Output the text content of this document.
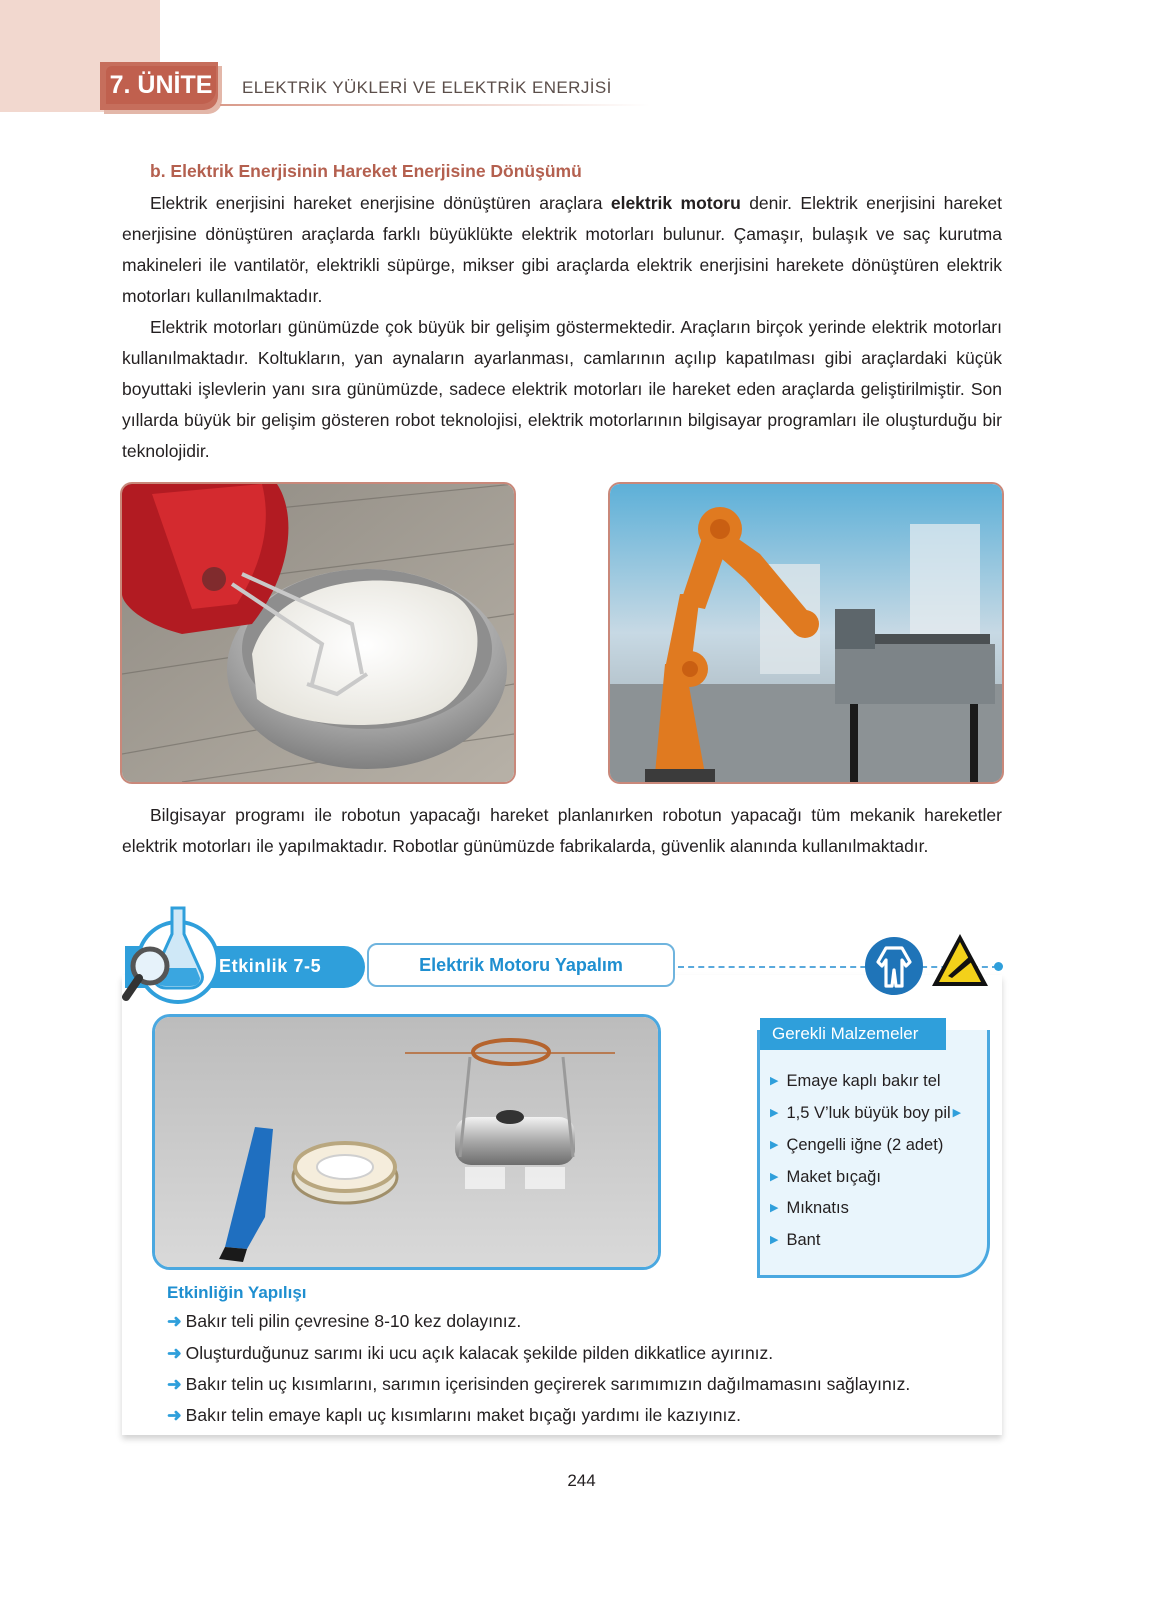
7. ÜNİTE ELEKTRİK YÜKLERİ VE ELEKTRİK ENERJİSİ
b. Elektrik Enerjisinin Hareket Enerjisine Dönüşümü

Elektrik enerjisini hareket enerjisine dönüştüren araçlara elektrik motoru denir. Elektrik enerjisini hareket enerjisine dönüştüren araçlarda farklı büyüklükte elektrik motorları bulunur. Çamaşır, bulaşık ve saç kurutma makineleri ile vantilatör, elektrikli süpürge, mikser gibi araçlarda elektrik enerjisini harekete dönüştüren elektrik motorları kullanılmaktadır.

Elektrik motorları günümüzde çok büyük bir gelişim göstermektedir. Araçların birçok yerinde elektrik motorları kullanılmaktadır. Koltukların, yan aynaların ayarlanması, camlarının açılıp kapatılması gibi araçlardaki küçük boyuttaki işlevlerin yanı sıra günümüzde, sadece elektrik motorları ile hareket eden araçlarda geliştirilmiştir. Son yıllarda büyük bir gelişim gösteren robot teknolojisi, elektrik motorlarının bilgisayar programları ile oluşturduğu bir teknolojidir.

Bilgisayar programı ile robotun yapacağı hareket planlanırken robotun yapacağı tüm mekanik hareketler elektrik motorları ile yapılmaktadır. Robotlar günümüzde fabrikalarda, güvenlik alanında kullanılmaktadır.

Etkinlik 7-5	Elektrik Motoru Yapalım
Gerekli Malzemeler
▶ Emaye kaplı bakır tel
▶ 1,5 V’luk büyük boy pil ▶
▶ Çengelli iğne (2 adet)
▶ Maket bıçağı
▶ Mıknatıs
▶ Bant
Etkinliğin Yapılışı
➜ Bakır teli pilin çevresine 8-10 kez dolayınız.
➜ Oluşturduğunuz sarımı iki ucu açık kalacak şekilde pilden dikkatlice ayırınız.
➜ Bakır telin uç kısımlarını, sarımın içerisinden geçirerek sarımımızın dağılmamasını sağlayınız.
➜ Bakır telin emaye kaplı uç kısımlarını maket bıçağı yardımı ile kazıyınız.
244
